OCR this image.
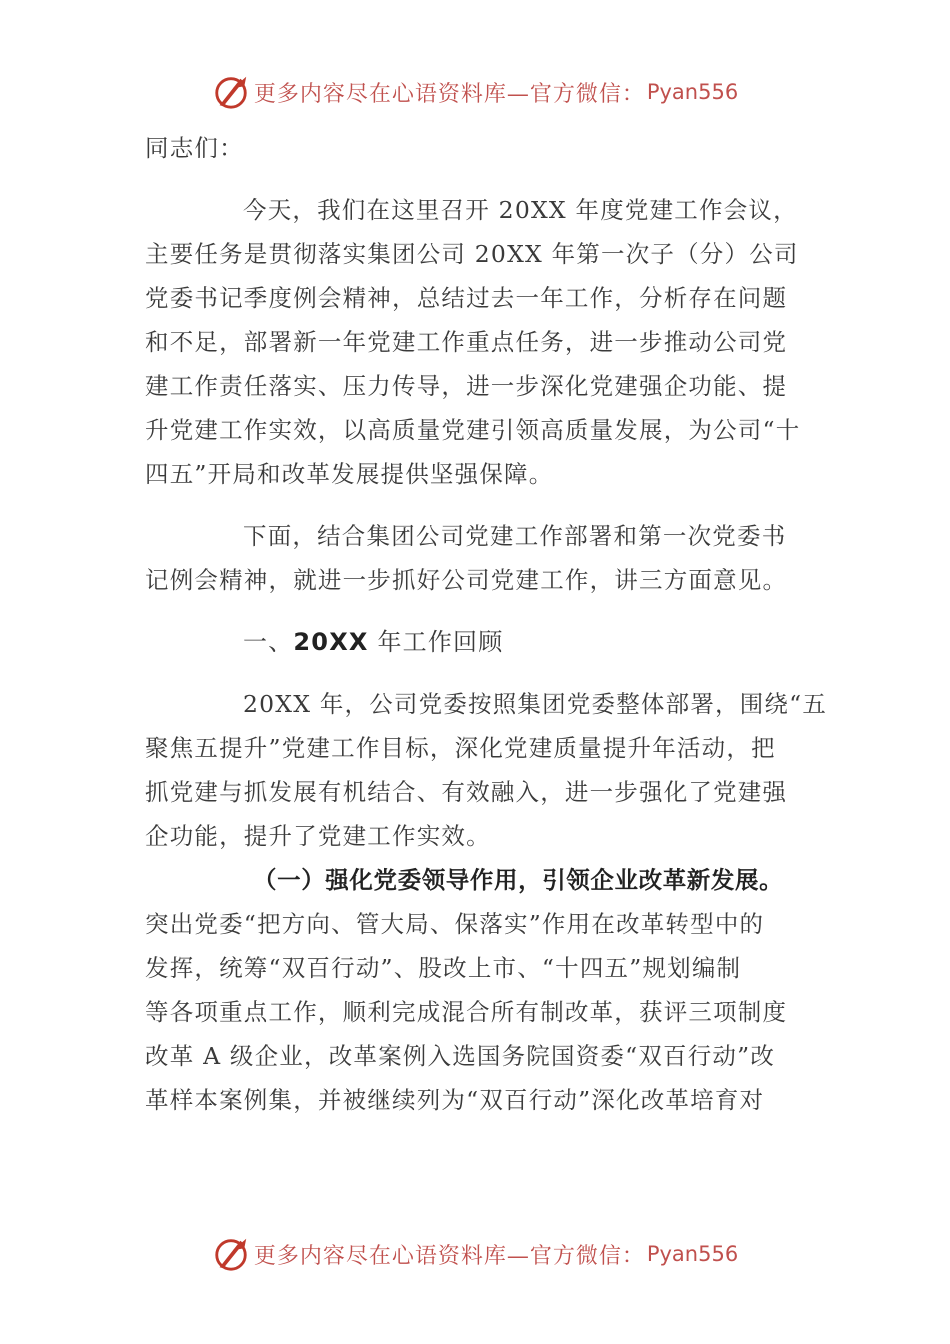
更多内容尽在心语资料库—官方微信： Pyan556
同志们：
今天，我们在这里召开 20XX 年度党建工作会议，
主要任务是贯彻落实集团公司 20XX 年第一次子（分）公司
党委书记季度例会精神，总结过去一年工作，分析存在问题
和不足，部署新一年党建工作重点任务，进一步推动公司党
建工作责任落实、压力传导，进一步深化党建强企功能、提
升党建工作实效，以高质量党建引领高质量发展，为公司“十
四五”开局和改革发展提供坚强保障。
下面，结合集团公司党建工作部署和第一次党委书
记例会精神，就进一步抓好公司党建工作，讲三方面意见。
一、20XX 年工作回顾
20XX 年，公司党委按照集团党委整体部署，围绕“五
聚焦五提升”党建工作目标，深化党建质量提升年活动，把
抓党建与抓发展有机结合、有效融入，进一步强化了党建强
企功能，提升了党建工作实效。
（一）强化党委领导作用，引领企业改革新发展。
突出党委“把方向、管大局、保落实”作用在改革转型中的
发挥，统筹“双百行动”、股改上市、“十四五”规划编制
等各项重点工作，顺利完成混合所有制改革，获评三项制度
改革 A 级企业，改革案例入选国务院国资委“双百行动”改
革样本案例集，并被继续列为“双百行动”深化改革培育对
更多内容尽在心语资料库—官方微信： Pyan556
